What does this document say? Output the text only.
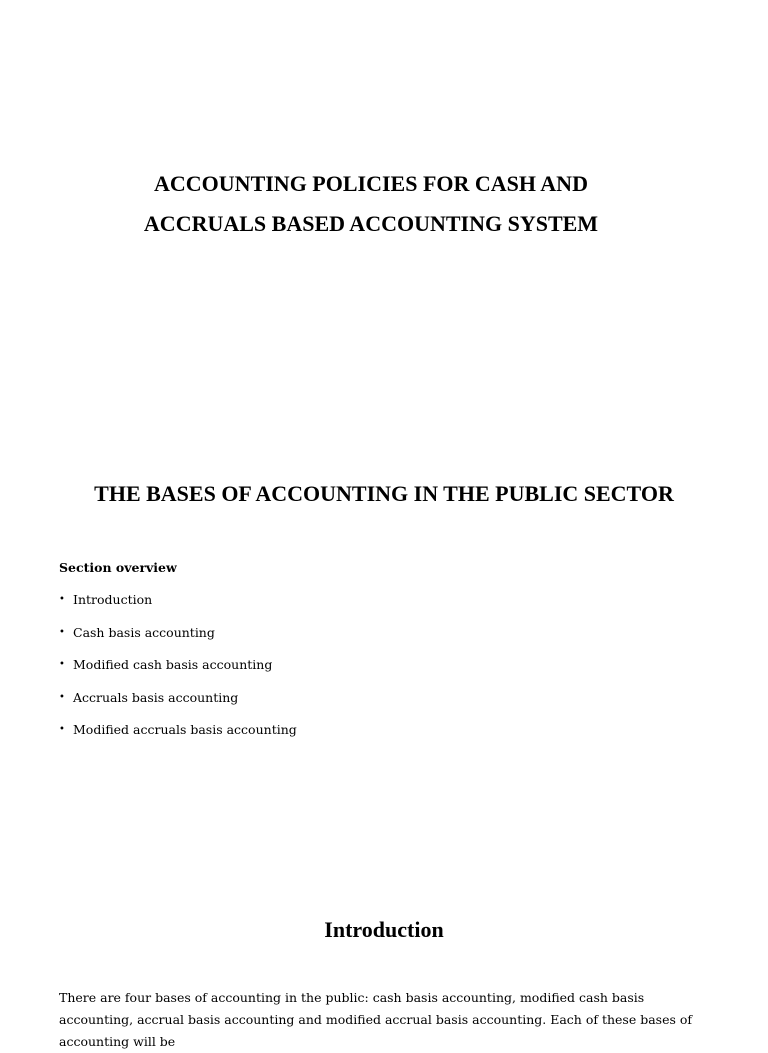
ACCOUNTING POLICIES FOR CASH AND
ACCRUALS BASED ACCOUNTING SYSTEM
THE BASES OF ACCOUNTING IN THE PUBLIC SECTOR

Section overview

• Introduction
• Cash basis accounting
• Modified cash basis accounting
• Accruals basis accounting
• Modified accruals basis accounting
Introduction

There are four bases of accounting in the public: cash basis accounting, modified cash basis accounting, accrual basis accounting and modified accrual basis accounting. Each of these bases of accounting will be
